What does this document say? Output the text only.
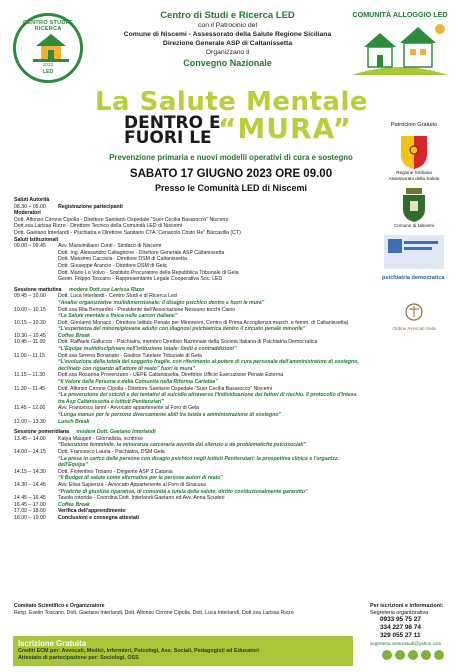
CENTRO STUDI E RICERCA
2023
LED
Centro di Studi e Ricerca LED
con il Patrocinio del
Comune di Niscemi - Assessorato della Salute Regione Siciliana
Direzione Generale ASP di Caltanissetta
Organizzano il
Convegno Nazionale
COMUNITÀ ALLOGGIO LED
La Salute Mentale
DENTRO E
FUORI LE “MURA”
Prevenzione primaria e nuovi modelli operativi di cura e sostegno
SABATO 17 GIUGNO 2023 ORE 09.00
Presso le Comunità LED di Niscemi
Patrocinio Gratuito
Regione Siciliana
Assessorato della Salute
Comune di Niscemi
psichiatria democratica
Ordine Avvocati Gela
Saluti Autorità
08.30 – 09.00	Registrazione partecipanti
Moderatori
Dott. Alfonso Cirrone Cipolla - Direttore Sanitario Ospedale “Suor Cecilia Basarocco” Niscemi
Dott.ssa Larissa Rizzo - Direttore Tecnico della Comunità LED di Niscemi
Dott. Gaetano Interlandi - Psichiatra e Direttore Sanitario CTA “Cenacolo Cristo Re” Barcavilla (CT)
Saluti Istituzionali
09.00 – 09.45	Avv. Massimiliano Conti - Sindaco di Niscemi
Dott. Ing. Alessandro Caltagirone - Direttore Generale ASP Caltanissetta
Dott. Massimo Cacciola - Direttore DSM di Caltanissetta
Dott. Giuseppe Arancio - Direttore DSM di Gela
Dott. Mario Lo Volvo - Sostituto Procuratore della Repubblica Tribunale di Gela
Geom. Filippo Toscano - Rappresentante Legale Cooperativa Soc. LED
Sessione mattutina modera Dott.ssa Larissa Rizzo
09.45 – 10.00	Dott. Luca Interlandi - Centro Studi e di Ricerca Led
“Analisi organizzative multidimensionale: il disagio psichico dentro e fuori le mura”
10.00 – 10.15	Dott.ssa Rita Bernardini - Presidente dell'Associazione Nessuno tocchi Caino
“La Salute mentale e fisica nelle carceri italiane”
10.15 – 10.30	Dott. Girolamo Monaco - Direttore Istituto Penale per Minorenni, Centro di Prima Accoglienza masch. e femm. di Caltanissetta)
“L'esperienza del minore/giovane adulto con diagnosi psichiatrica dentro il circuito penale minorile”
10.30 – 10.45	Coffee Break
10.45 – 11.00	Dott. Raffaele Galluccio - Psichiatra, membro Direttivo Nazionale della Società Italiana di Psichiatria Democratica
“L'Equipe multidisciplinare nell'istituzione totale: limiti e contraddizioni”
11.00 – 11.15	Dott.ssa Serena Bonanato - Giudice Tutelare Tribunale di Gela
“L'evoluzione della tutela del soggetto fragile, con riferimento al potere di cura personale dell'amministratore di sostegno, declinato con riguardo all'attore di reato” fuori le mura”
11.15 – 11.30	Dott.ssa Rosanna Provenzano - UEPE Caltanissetta, Direttrice Ufficio Esecuzione Penale Esterna
“Il Valore della Persona e della Comunità nella Riforma Cartabia”
11.30 – 11.45	Dott. Alfonso Cirrone Cipolla - Direttore Sanitario Ospedale “Suor Cecilia Basarocco” Niscemi
“La prevenzione dei suicidi e dei tentativi di suicidio attraverso l'individuazione dei fattori di rischio. Il protocollo d'intesa tra Asp Caltanissetta e Istituti Penitenziari”
11.45 – 12.00	Avv. Francesco Ianni - Avvocato appartenente al Foro di Gela
“Lunga manus per le persone diversamente abili tra tutela e amministrazione di sostegno”
12.00 – 13.30	Lunch Break
Sessione pomeridiana modera Dott. Gaetano Interlandi
13.45 – 14.00	Katya Maugeri - Giornalista, scrittrice
“Detenzione femminile, la minoranza carceraria avvolta dal silenzio e da problematiche psicosociali”
14.00 – 14.15	Dott. Francesco Lauria - Psichiatra, DSM Gela
“La presa in carico delle persone con disagio psichico negli Istituti Penitenziari: la prospettiva clinica e l'organizz. dell'Equipe”
14.15 – 14.30	Dott. Fiorentino Troiano - Dirigente ASP 3 Catania
“Il Budget di salute come alternativa per le persone autori di reato”
14.30 – 14.45	Avv. Elisa Sapienza - Avvocato Appartenente al Foro di Siracusa
“Pratiche di giustizia riparativa, di comunità e tutela della salute, diritto costituzionalmente garantito”
14.45 – 16.45	Tavola rotonda - Coordina Dott. Interlandi Gaetano ed Avv. Anna Scuderi
16.45 – 17.00	Coffee Break
17.00 – 18.00	Verifica dell'apprendimento
18.00 – 19.00	Conclusioni e consegna attestati
Comitato Scientifico e Organizzatore
Resp. Evelin Toscano, Dott. Gaetano Interlandi, Dott. Alfonso Cirrone Cipolla, Dott. Luca Interlandi, Dott.ssa Larissa Rizzo
Iscrizione Gratuita
Crediti ECM per: Avvocati, Medici, Infermieri, Psicologi, Ass. Sociali, Pedagogisti ed Educatori
Attestato di partecipazione per: Sociologi, OSS
Per iscrizioni e informazioni:
Segreteria organizzativa
0933 95 75 27
334 227 98 74
329 055 27 11
segreteria.centrostudi@yahoo.com
